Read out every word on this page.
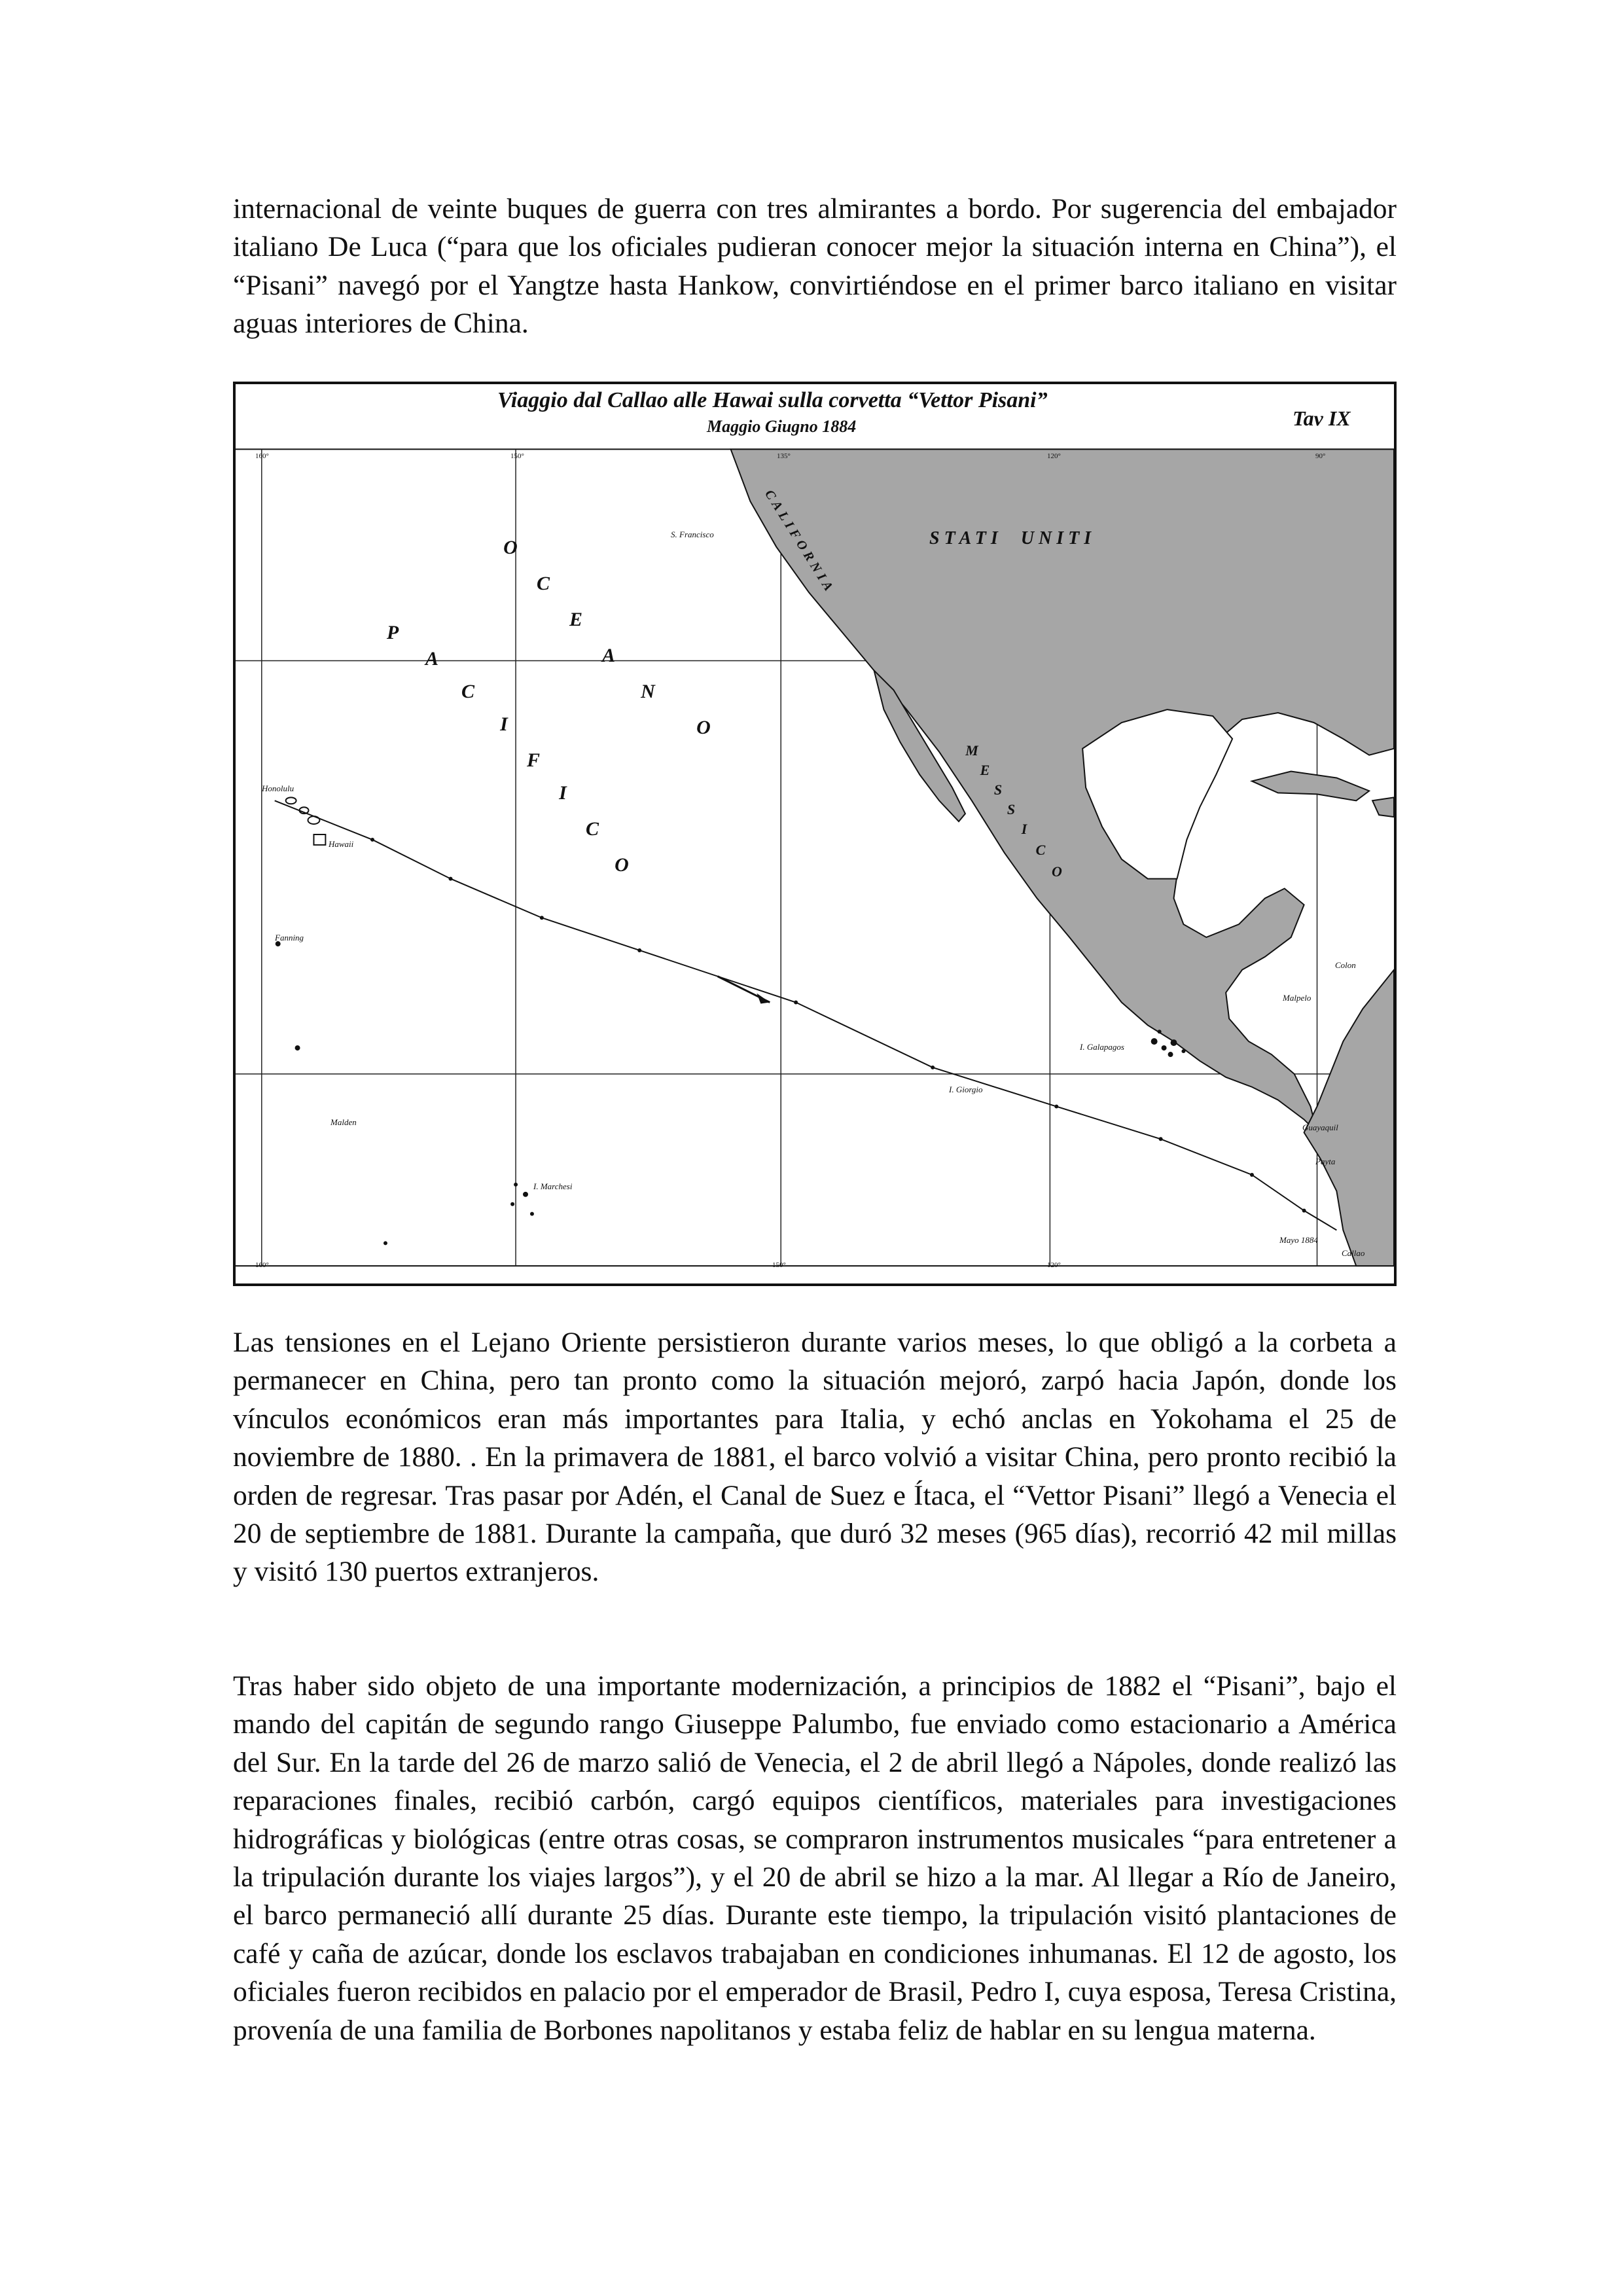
internacional de veinte buques de guerra con tres almirantes a bordo. Por sugerencia del embajador italiano De Luca (“para que los oficiales pudieran conocer mejor la situación interna en China”), el “Pisani” navegó por el Yangtze hasta Hankow, convirtiéndose en el primer barco italiano en visitar aguas interiores de China.

Viaggio dal Callao alle Hawai sulla corvetta “Vettor Pisani”
Maggio Giugno 1884	Tav IX
160°	150°	135°	120°	90°
160°	150°	120°
S T A T I     U N I T I
CALIFORNIA
O
C
E
A
N
O
P
A
C
I
F
I
C
O
M
E
S
S
I
C
O
S. Francisco
Honolulu
Hawaii
Fanning
Malden
I. Marchesi
I. Galapagos
Malpelo
Colon
Guayaquil
Payta
I. Giorgio
Mayo 1884
Callao

Las tensiones en el Lejano Oriente persistieron durante varios meses, lo que obligó a la corbeta a permanecer en China, pero tan pronto como la situación mejoró, zarpó hacia Japón, donde los vínculos económicos eran más importantes para Italia, y echó anclas en Yokohama el 25 de noviembre de 1880. . En la primavera de 1881, el barco volvió a visitar China, pero pronto recibió la orden de regresar. Tras pasar por Adén, el Canal de Suez e Ítaca, el “Vettor Pisani” llegó a Venecia el 20 de septiembre de 1881. Durante la campaña, que duró 32 meses (965 días), recorrió 42 mil millas y visitó 130 puertos extranjeros.

Tras haber sido objeto de una importante modernización, a principios de 1882 el “Pisani”, bajo el mando del capitán de segundo rango Giuseppe Palumbo, fue enviado como estacionario a América del Sur. En la tarde del 26 de marzo salió de Venecia, el 2 de abril llegó a Nápoles, donde realizó las reparaciones finales, recibió carbón, cargó equipos científicos, materiales para investigaciones hidrográficas y biológicas (entre otras cosas, se compraron instrumentos musicales “para entretener a la tripulación durante los viajes largos”), y el 20 de abril se hizo a la mar. Al llegar a Río de Janeiro, el barco permaneció allí durante 25 días. Durante este tiempo, la tripulación visitó plantaciones de café y caña de azúcar, donde los esclavos trabajaban en condiciones inhumanas. El 12 de agosto, los oficiales fueron recibidos en palacio por el emperador de Brasil, Pedro I, cuya esposa, Teresa Cristina, provenía de una familia de Borbones napolitanos y estaba feliz de hablar en su lengua materna.
